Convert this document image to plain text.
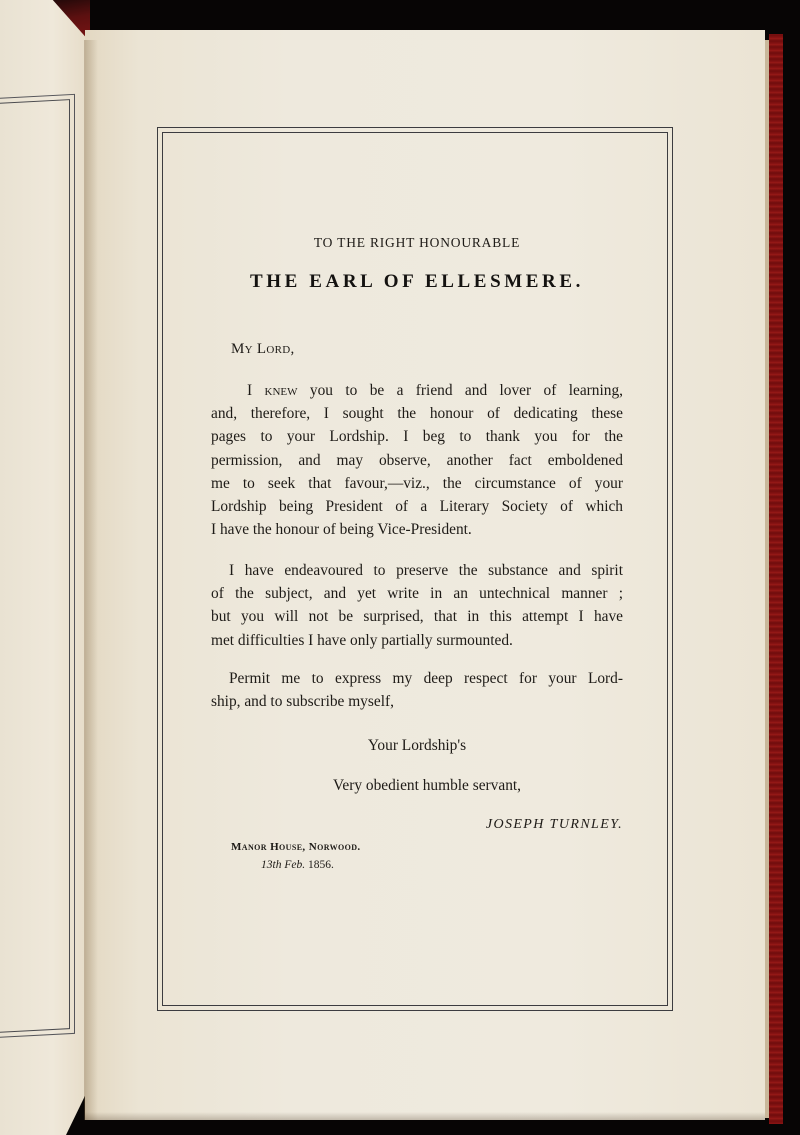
TO THE RIGHT HONOURABLE

THE EARL OF ELLESMERE.

My Lord,

I knew you to be a friend and lover of learning,
and, therefore, I sought the honour of dedicating these
pages to your Lordship. I beg to thank you for the
permission, and may observe, another fact emboldened
me to seek that favour,—viz., the circumstance of your
Lordship being President of a Literary Society of which
I have the honour of being Vice-President.

I have endeavoured to preserve the substance and spirit
of the subject, and yet write in an untechnical manner ;
but you will not be surprised, that in this attempt I have
met difficulties I have only partially surmounted.

Permit me to express my deep respect for your Lord-
ship, and to subscribe myself,

Your Lordship's
Very obedient humble servant,
JOSEPH TURNLEY.
Manor House, Norwood.
13th Feb. 1856.
